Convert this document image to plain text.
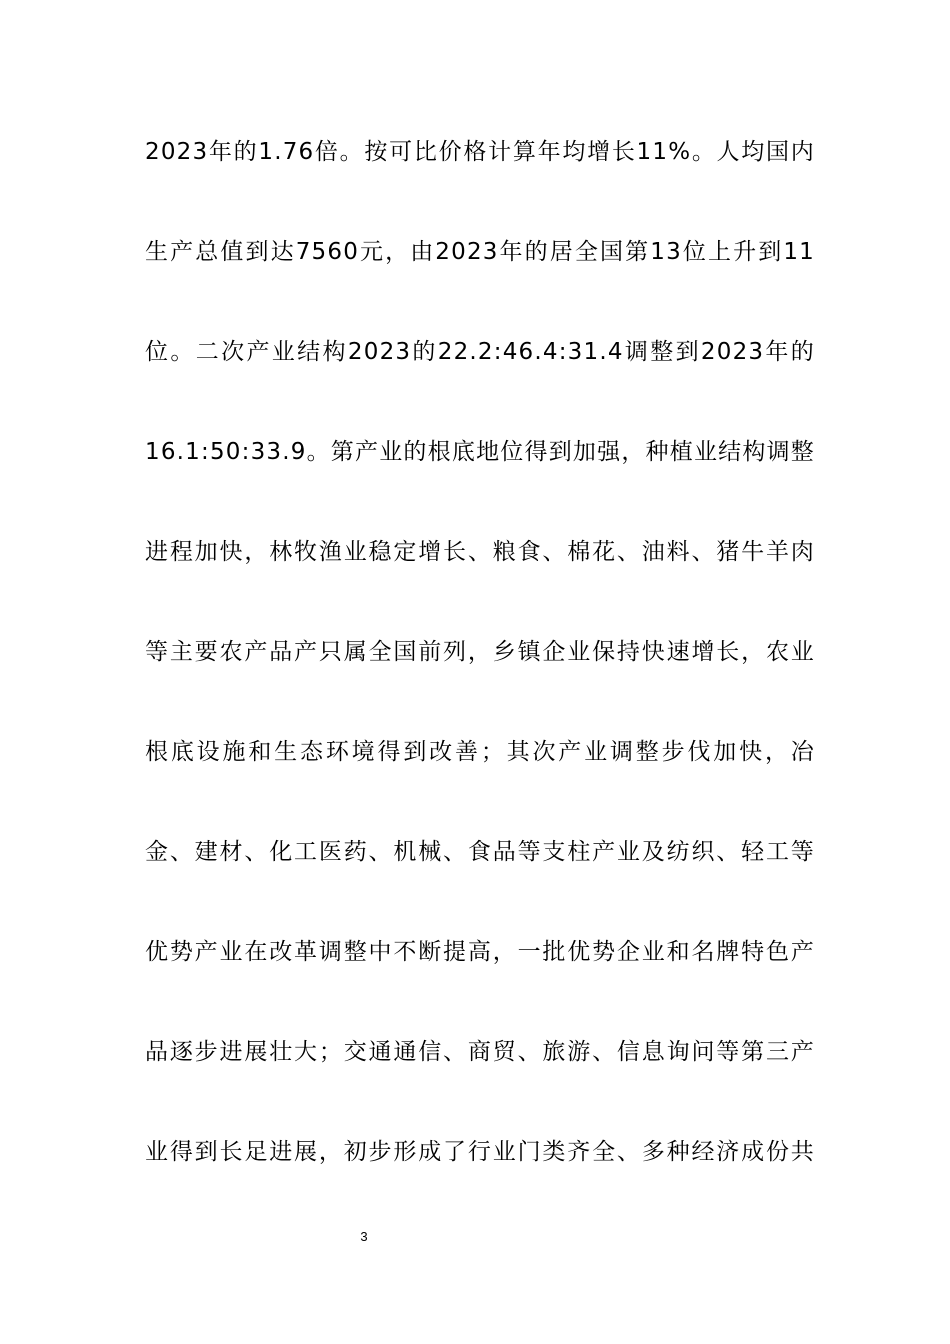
2023年的1.76倍。按可比价格计算年均增长11%。人均国内
生产总值到达7560元，由2023年的居全国第13位上升到11
位。二次产业结构2023的22.2:46.4:31.4调整到2023年的
16.1:50:33.9。第产业的根底地位得到加强，种植业结构调整
进程加快，林牧渔业稳定增长、粮食、棉花、油料、猪牛羊肉
等主要农产品产只属全国前列，乡镇企业保持快速增长，农业
根底设施和生态环境得到改善；其次产业调整步伐加快，冶
金、建材、化工医药、机械、食品等支柱产业及纺织、轻工等
优势产业在改革调整中不断提高，一批优势企业和名牌特色产
品逐步进展壮大；交通通信、商贸、旅游、信息询问等第三产
业得到长足进展，初步形成了行业门类齐全、多种经济成份共
3
